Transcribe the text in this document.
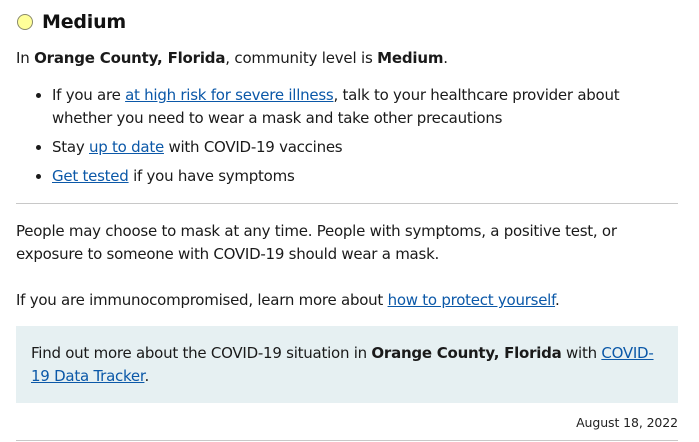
Medium
In Orange County, Florida, community level is Medium.
If you are at high risk for severe illness, talk to your healthcare provider about whether you need to wear a mask and take other precautions
Stay up to date with COVID-19 vaccines
Get tested if you have symptoms
People may choose to mask at any time. People with symptoms, a positive test, or exposure to someone with COVID-19 should wear a mask.
If you are immunocompromised, learn more about how to protect yourself.
Find out more about the COVID-19 situation in Orange County, Florida with COVID-19 Data Tracker.
August 18, 2022
